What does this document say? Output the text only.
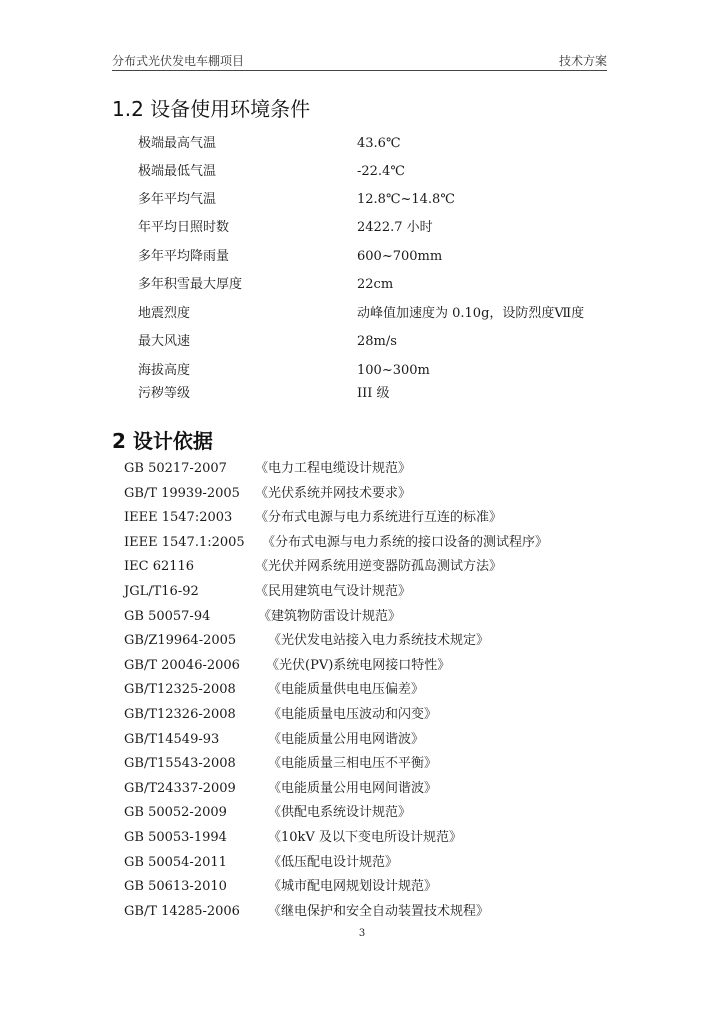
分布式光伏发电车棚项目	技术方案
1.2 设备使用环境条件
极端最高气温	43.6℃
极端最低气温	-22.4℃
多年平均气温	12.8℃~14.8℃
年平均日照时数	2422.7 小时
多年平均降雨量	600~700mm
多年积雪最大厚度	22cm
地震烈度	动峰值加速度为 0.10g，设防烈度Ⅶ度
最大风速	28m/s
海拔高度	100~300m
污秽等级	III 级
2 设计依据
GB 50217-2007 《电力工程电缆设计规范》
GB/T 19939-2005 《光伏系统并网技术要求》
IEEE 1547:2003 《分布式电源与电力系统进行互连的标准》
IEEE 1547.1:2005 《分布式电源与电力系统的接口设备的测试程序》
IEC 62116	《光伏并网系统用逆变器防孤岛测试方法》
JGL/T16-92	《民用建筑电气设计规范》
GB 50057-94	《建筑物防雷设计规范》
GB/Z19964-2005 《光伏发电站接入电力系统技术规定》
GB/T 20046-2006 《光伏(PV)系统电网接口特性》
GB/T12325-2008 《电能质量供电电压偏差》
GB/T12326-2008 《电能质量电压波动和闪变》
GB/T14549-93	《电能质量公用电网谐波》
GB/T15543-2008 《电能质量三相电压不平衡》
GB/T24337-2009 《电能质量公用电网间谐波》
GB 50052-2009	《供配电系统设计规范》
GB 50053-1994	《10kV 及以下变电所设计规范》
GB 50054-2011	《低压配电设计规范》
GB 50613-2010	《城市配电网规划设计规范》
GB/T 14285-2006 《继电保护和安全自动装置技术规程》
3
